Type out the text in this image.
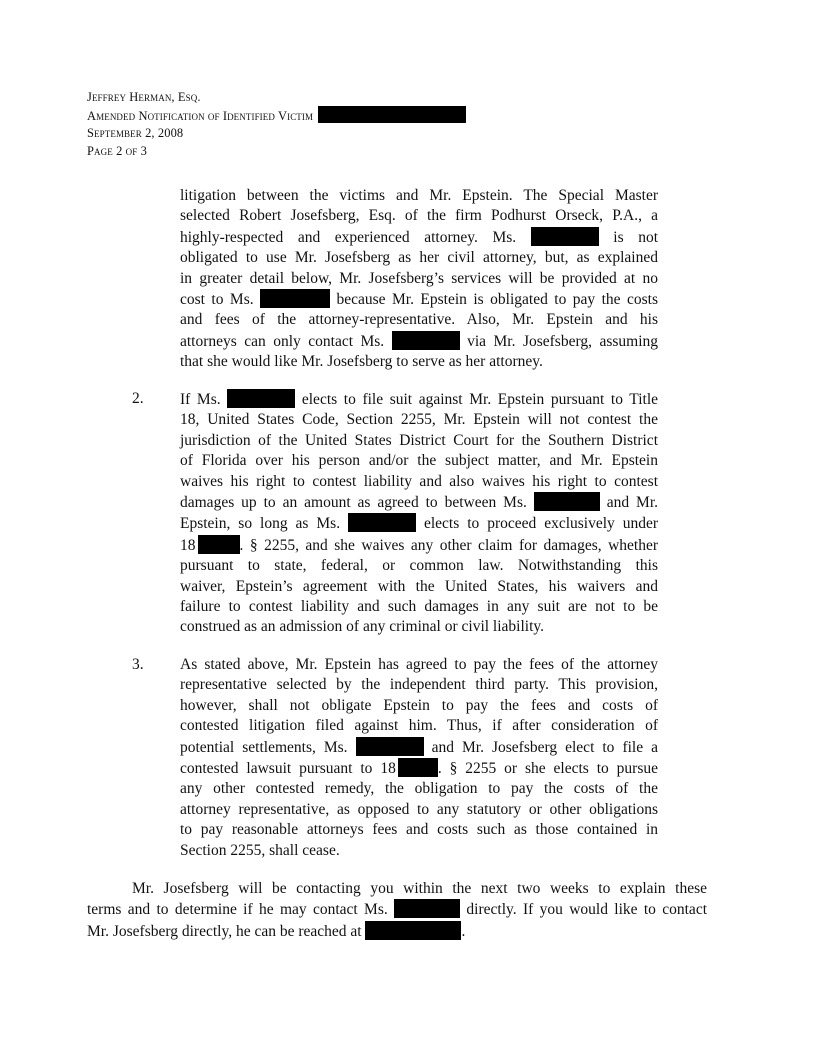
Jeffrey Herman, Esq.
Amended Notification of Identified Victim
September 2, 2008
Page 2 of 3
litigation between the victims and Mr. Epstein. The Special Master
selected Robert Josefsberg, Esq. of the firm Podhurst Orseck, P.A., a
highly-respected and experienced attorney. Ms.	is not
obligated to use Mr. Josefsberg as her civil attorney, but, as explained
in greater detail below, Mr. Josefsberg’s services will be provided at no
cost to Ms.	because Mr. Epstein is obligated to pay the costs
and fees of the attorney-representative. Also, Mr. Epstein and his
attorneys can only contact Ms.	via Mr. Josefsberg, assuming
that she would like Mr. Josefsberg to serve as her attorney.
2. If Ms.	elects to file suit against Mr. Epstein pursuant to Title
18, United States Code, Section 2255, Mr. Epstein will not contest the
jurisdiction of the United States District Court for the Southern District
of Florida over his person and/or the subject matter, and Mr. Epstein
waives his right to contest liability and also waives his right to contest
damages up to an amount as agreed to between Ms.	and Mr.
Epstein, so long as Ms.	elects to proceed exclusively under
18	. § 2255, and she waives any other claim for damages, whether
pursuant to state, federal, or common law. Notwithstanding this
waiver, Epstein’s agreement with the United States, his waivers and
failure to contest liability and such damages in any suit are not to be
construed as an admission of any criminal or civil liability.
3. As stated above, Mr. Epstein has agreed to pay the fees of the attorney
representative selected by the independent third party. This provision,
however, shall not obligate Epstein to pay the fees and costs of
contested litigation filed against him. Thus, if after consideration of
potential settlements, Ms.	and Mr. Josefsberg elect to file a
contested lawsuit pursuant to 18	. § 2255 or she elects to pursue
any other contested remedy, the obligation to pay the costs of the
attorney representative, as opposed to any statutory or other obligations
to pay reasonable attorneys fees and costs such as those contained in
Section 2255, shall cease.
Mr. Josefsberg will be contacting you within the next two weeks to explain these
terms and to determine if he may contact Ms.	directly. If you would like to contact
Mr. Josefsberg directly, he can be reached at	.
